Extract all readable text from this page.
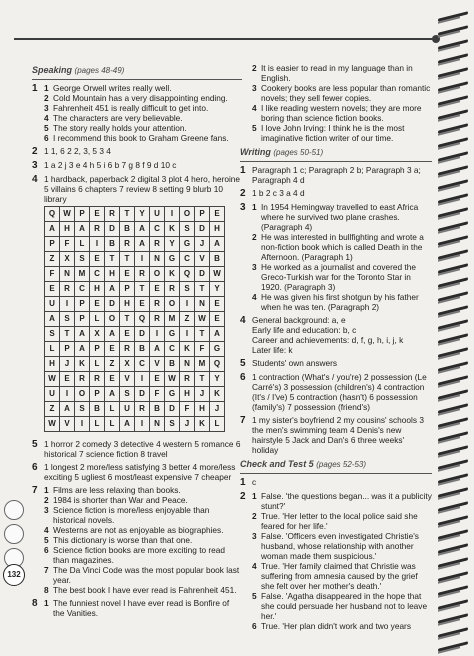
Speaking (pages 48-49)
1 1 George Orwell writes really well.
2 Cold Mountain has a very disappointing ending.
3 Fahrenheit 451 is really difficult to get into.
4 The characters are very believable.
5 The story really holds your attention.
6 I recommend this book to Graham Greene fans.
2 1 1, 6 2 2, 3, 5 3 4
3 1 a 2 j 3 e 4 h 5 i 6 b 7 g 8 f 9 d 10 c
4 1 hardback, paperback 2 digital 3 plot 4 hero, heroine 5 villains 6 chapters 7 review 8 setting 9 blurb 10 library
Q	W	P	E	R	T	Y	U	I	O	P	E
A	H	A	R	D	B	A	C	K	S	D	H
P	F	L	I	B	R	A	R	Y	G	J	A
Z	X	S	E	T	T	I	N	G	C	V	B
F	N	M	C	H	E	R	O	K	Q	D	W
E	R	C	H	A	P	T	E	R	S	T	Y
U	I	P	E	D	H	E	R	O	I	N	E
A	S	P	L	O	T	Q	R	M	Z	W	E
S	T	A	X	A	E	D	I	G	I	T	A
L	P	A	P	E	R	B	A	C	K	F	G
H	J	K	L	Z	X	C	V	B	N	M	Q
W	E	R	R	E	V	I	E	W	R	T	Y
U	I	O	P	A	S	D	F	G	H	J	K
Z	A	S	B	L	U	R	B	D	F	H	J
W	V	I	L	L	A	I	N	S	J	K	L
5 1 horror 2 comedy 3 detective 4 western 5 romance 6 historical 7 science fiction 8 travel
6 1 longest 2 more/less satisfying 3 better 4 more/less exciting 5 ugliest 6 most/least expensive 7 cheaper
7 1 Films are less relaxing than books.
2 1984 is shorter than War and Peace.
3 Science fiction is more/less enjoyable than historical novels.
4 Westerns are not as enjoyable as biographies.
5 This dictionary is worse than that one.
6 Science fiction books are more exciting to read than magazines.
7 The Da Vinci Code was the most popular book last year.
8 The best book I have ever read is Fahrenheit 451.
8 1 The funniest novel I have ever read is Bonfire of the Vanities.
2 It is easier to read in my language than in English.
3 Cookery books are less popular than romantic novels; they sell fewer copies.
4 I like reading western novels; they are more boring than science fiction books.
5 I love John Irving: I think he is the most imaginative fiction writer of our time.
Writing (pages 50-51)
1 Paragraph 1 c; Paragraph 2 b; Paragraph 3 a; Paragraph 4 d
2 1 b 2 c 3 a 4 d
3 1 In 1954 Hemingway travelled to east Africa where he survived two plane crashes. (Paragraph 4)
2 He was interested in bullfighting and wrote a non-fiction book which is called Death in the Afternoon. (Paragraph 1)
3 He worked as a journalist and covered the Greco-Turkish war for the Toronto Star in 1920. (Paragraph 3)
4 He was given his first shotgun by his father when he was ten. (Paragraph 2)
4 General background: a, e
Early life and education: b, c
Career and achievements: d, f, g, h, i, j, k
Later life: k
5 Students' own answers
6 1 contraction (What's / you're) 2 possession (Le Carré's) 3 possession (children's) 4 contraction (It's / I've) 5 contraction (hasn't) 6 possession (family's) 7 possession (friend's)
7 1 my sister's boyfriend 2 my cousins' schools 3 the men's swimming team 4 Denis's new hairstyle 5 Jack and Dan's 6 three weeks' holiday
Check and Test 5 (pages 52-53)
1 c
2 1 False. 'the questions began... was it a publicity stunt?'
2 True. 'Her letter to the local police said she feared for her life.'
3 False. 'Officers even investigated Christie's husband, whose relationship with another woman made them suspicious.'
4 True. 'Her family claimed that Christie was suffering from amnesia caused by the grief she felt over her mother's death.'
5 False. 'Agatha disappeared in the hope that she could persuade her husband not to leave her.'
6 True. 'Her plan didn't work and two years
132
